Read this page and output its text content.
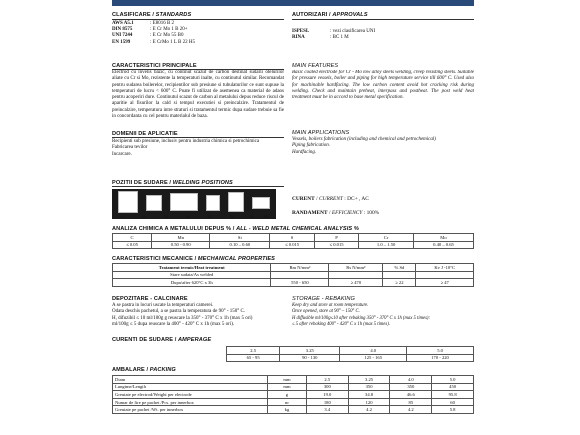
CLASIFICARE / STANDARDS
AWS A5.1	: E8016 B 2
DIN 8575	: E Cr Mo 1 B 20+
UNI 7244	: E Cr Mo 55 B0
EN 1599	: E CrMo 1 L B 22 H5
AUTORIZARI / APPROVALS
ISPESL	: vezi clasificarea UNI
RINA	: BC 1 M
CARACTERISTICI PRINCIPALE
Electrod cu învelis bazic, cu continut scazut de carbon destinat sudarii otelurilor aliate cu Cr si Mo, rezistente la temperaturi inalte, cu continutul similar. Recomandat pentru sudarea boilerelor, recipientilor sub presiune si tubulaturilor ce sunt supuse la temperaturi de lucru < 600° C. Poate fi utilizat de asemenea ca material de adaos pentru acoperiri dure. Continutul scazut de carbon al metalului depus reduce riscul de aparitie al fisurilor la cald si tempul executiei si preincalzire. Tratamentul de preincalzire, temperatura intre straturi si tratamentul termic dupa sudare trebuie sa fie in concordanta cu cel pentru materialul de baza.
MAIN FEATURES
Basic coated electrode for Cr - Mo low alloy steels welding, creep resisting steels. Suitable for pressure vessels, boiler and piping for high temperature service till 600° C. Used also for machinable hardfacing. The low carbon content avoid hot cracking risk during welding. Check and maintain preheat, interpass and postheat. The post weld heat treatment must be in accord to base metal specification.
DOMENII DE APLICATIE
Recipienti sub presiune, inclusiv pentru industria chimica si petrochimica
Fabricarea tevilor
Incarcare.
MAIN APPLICATIONS
Vessels, boilers fabrication (including and chemical and petrochemical)
Piping fabrication.
Hardfacing.
POZITII DE SUDARE / WELDING POSITIONS
1G	2F	3G	4G	5G	6G	PA	PB
CURENT / CURRENT : DC+ , AC
RANDAMENT / EFFICIENCY : 100%
ANALIZA CHIMICA A METALULUI DEPUS % / ALL - WELD METAL CHEMICAL ANALYSIS %
C	Mn	Si	S	P	Cr	Mo
≤ 0.05	0.50 - 0.90	0.10 – 0.60	≤ 0.015	≤ 0.015	1.0 – 1.50	0.40 – 0.65
CARACTERISTICI MECANICE / MECHANICAL PROPERTIES
Tratament termic/Heat treatment	Rm N/mm²	Rs N/mm²	% Sd	Kv J -10°C
Stare sudata/As welded				
Dupa/after 620°C x 3h	550 - 650	≥ 470	≥ 22	≥ 47
DEPOZITARE - CALCINARE
A se pastra in locuri uscate la temperaturi camerei.
Odata deschis pachetul, a se pastra la temperatura de 90° - 150° C.
H, difuzibil ≤ 10 ml/100g g reuscare la 350° - 370° C x 1h (max 5 ori)
ml/100g ≤ 5 dupa reuscare la 400° - 420° C x 1h (max 5 ori).
STORAGE - REBAKING
Keep dry and store at room temperature.
Once opened, store at 90° – 150° C.
H diffusible ml/100g≤10 after rebaking 350° - 370° C x 1h (max 5 times):
≤ 5 after rebaking 400° - 420° C x 1h (max 5 times).
CURENTI DE SUDARE / AMPERAGE
2.5	3.25	4.0	5.0
65 - 95	90 - 130	125 - 165	170 - 220
AMBALARE / PACKING
Diam	mm	2.5	3.25	4.0	5.0
Lungime/Length	mm	300	350	350	450
Greutate pe electrod/Weight per electrode	g	19.0	34.8	46.6	95.8
Numar de fire pe pachet /Pcs. per innerbox	nr	180	120	85	60
Greutate pe pachet /Wt. per innerbox	kg	3.4	4.2	4.2	5.8
